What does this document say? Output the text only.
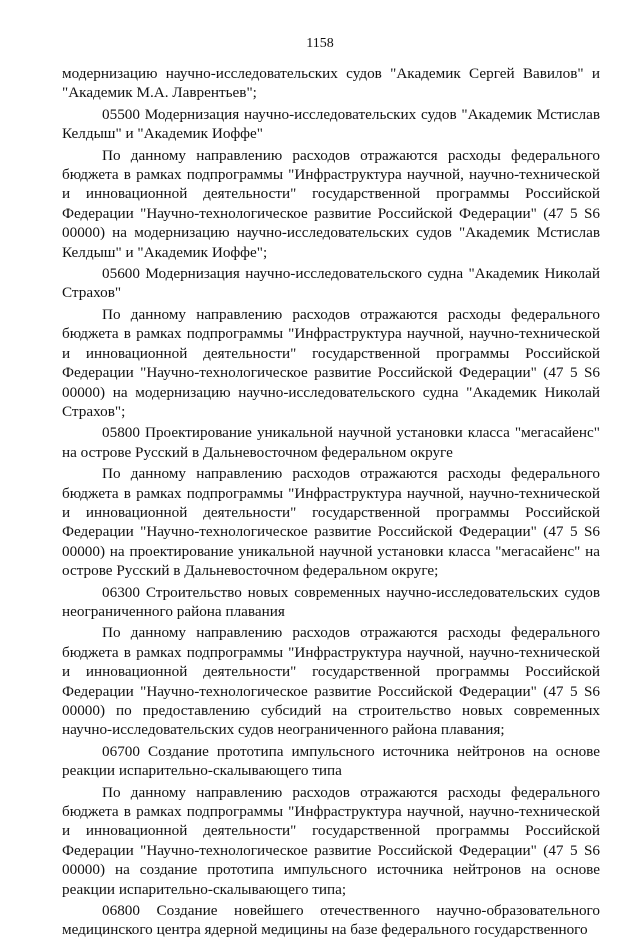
1158

модернизацию научно-исследовательских судов "Академик Сергей Вавилов" и "Академик М.А. Лаврентьев";

05500 Модернизация научно-исследовательских судов "Академик Мстислав Келдыш" и "Академик Иоффе"

По данному направлению расходов отражаются расходы федерального бюджета в рамках подпрограммы "Инфраструктура научной, научно-технической и инновационной деятельности" государственной программы Российской Федерации "Научно-технологическое развитие Российской Федерации" (47 5 S6 00000) на модернизацию научно-исследовательских судов "Академик Мстислав Келдыш" и "Академик Иоффе";

05600 Модернизация научно-исследовательского судна "Академик Николай Страхов"

По данному направлению расходов отражаются расходы федерального бюджета в рамках подпрограммы "Инфраструктура научной, научно-технической и инновационной деятельности" государственной программы Российской Федерации "Научно-технологическое развитие Российской Федерации" (47 5 S6 00000) на модернизацию научно-исследовательского судна "Академик Николай Страхов";

05800 Проектирование уникальной научной установки класса "мегасайенс" на острове Русский в Дальневосточном федеральном округе

По данному направлению расходов отражаются расходы федерального бюджета в рамках подпрограммы "Инфраструктура научной, научно-технической и инновационной деятельности" государственной программы Российской Федерации "Научно-технологическое развитие Российской Федерации" (47 5 S6 00000) на проектирование уникальной научной установки класса "мегасайенс" на острове Русский в Дальневосточном федеральном округе;

06300 Строительство новых современных научно-исследовательских судов неограниченного района плавания

По данному направлению расходов отражаются расходы федерального бюджета в рамках подпрограммы "Инфраструктура научной, научно-технической и инновационной деятельности" государственной программы Российской Федерации "Научно-технологическое развитие Российской Федерации" (47 5 S6 00000) по предоставлению субсидий на строительство новых современных научно-исследовательских судов неограниченного района плавания;

06700 Создание прототипа импульсного источника нейтронов на основе реакции испарительно-скалывающего типа

По данному направлению расходов отражаются расходы федерального бюджета в рамках подпрограммы "Инфраструктура научной, научно-технической и инновационной деятельности" государственной программы Российской Федерации "Научно-технологическое развитие Российской Федерации" (47 5 S6 00000) на создание прототипа импульсного источника нейтронов на основе реакции испарительно-скалывающего типа;

06800 Создание новейшего отечественного научно-образовательного медицинского центра ядерной медицины на базе федерального государственного
